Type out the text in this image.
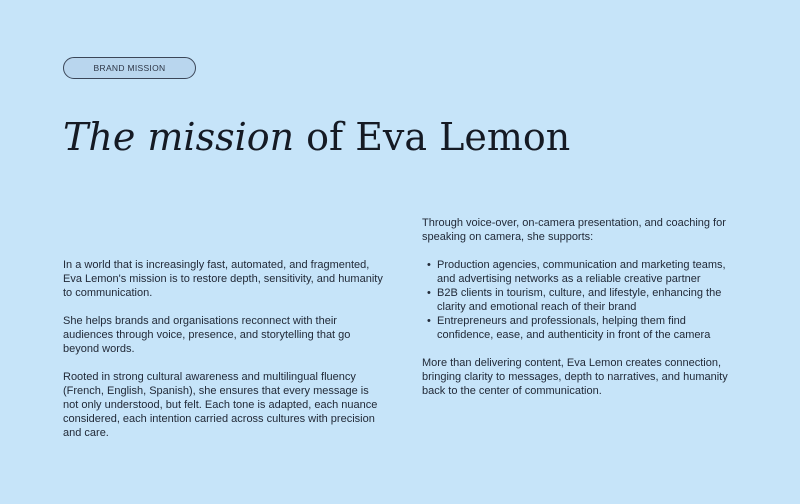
BRAND MISSION
The mission of Eva Lemon

In a world that is increasingly fast, automated, and fragmented, Eva Lemon's mission is to restore depth, sensitivity, and humanity to communication.

She helps brands and organisations reconnect with their audiences through voice, presence, and storytelling that go beyond words.

Rooted in strong cultural awareness and multilingual fluency (French, English, Spanish), she ensures that every message is not only understood, but felt. Each tone is adapted, each nuance considered, each intention carried across cultures with precision and care.

Through voice-over, on-camera presentation, and coaching for speaking on camera, she supports:

• Production agencies, communication and marketing teams, and advertising networks as a reliable creative partner
• B2B clients in tourism, culture, and lifestyle, enhancing the clarity and emotional reach of their brand
• Entrepreneurs and professionals, helping them find confidence, ease, and authenticity in front of the camera

More than delivering content, Eva Lemon creates connection, bringing clarity to messages, depth to narratives, and humanity back to the center of communication.
